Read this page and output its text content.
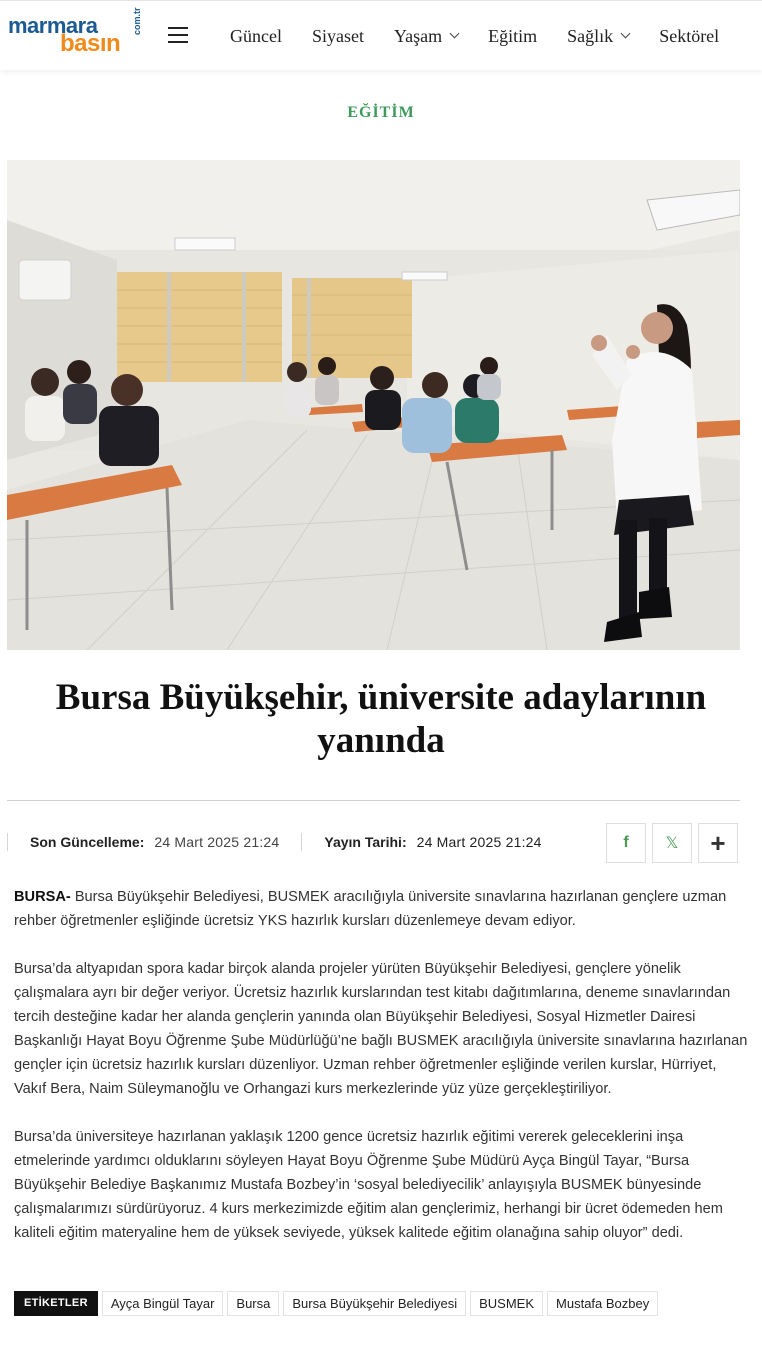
marmara
basın
com.tr
Güncel Siyaset Yaşam	Eğitim Sağlık	Sektörel
EĞİTİM
Bursa Büyükşehir, üniversite adaylarının yanında
Son Güncelleme: 24 Mart 2025 21:24	Yayın Tarihi: 24 Mart 2025 21:24	f 𝕏 +

BURSA- Bursa Büyükşehir Belediyesi, BUSMEK aracılığıyla üniversite sınavlarına hazırlanan gençlere uzman rehber öğretmenler eşliğinde ücretsiz YKS hazırlık kursları düzenlemeye devam ediyor.

Bursa’da altyapıdan spora kadar birçok alanda projeler yürüten Büyükşehir Belediyesi, gençlere yönelik çalışmalara ayrı bir değer veriyor. Ücretsiz hazırlık kurslarından test kitabı dağıtımlarına, deneme sınavlarından tercih desteğine kadar her alanda gençlerin yanında olan Büyükşehir Belediyesi, Sosyal Hizmetler Dairesi Başkanlığı Hayat Boyu Öğrenme Şube Müdürlüğü’ne bağlı BUSMEK aracılığıyla üniversite sınavlarına hazırlanan gençler için ücretsiz hazırlık kursları düzenliyor. Uzman rehber öğretmenler eşliğinde verilen kurslar, Hürriyet, Vakıf Bera, Naim Süleymanoğlu ve Orhangazi kurs merkezlerinde yüz yüze gerçekleştiriliyor.

Bursa’da üniversiteye hazırlanan yaklaşık 1200 gence ücretsiz hazırlık eğitimi vererek geleceklerini inşa etmelerinde yardımcı olduklarını söyleyen Hayat Boyu Öğrenme Şube Müdürü Ayça Bingül Tayar, “Bursa Büyükşehir Belediye Başkanımız Mustafa Bozbey’in ‘sosyal belediyecilik’ anlayışıyla BUSMEK bünyesinde çalışmalarımızı sürdürüyoruz. 4 kurs merkezimizde eğitim alan gençlerimiz, herhangi bir ücret ödemeden hem kaliteli eğitim materyaline hem de yüksek seviyede, yüksek kalitede eğitim olanağına sahip oluyor” dedi.

ETİKETLER	Ayça Bingül Tayar	Bursa	Bursa Büyükşehir Belediyesi	BUSMEK	Mustafa Bozbey
